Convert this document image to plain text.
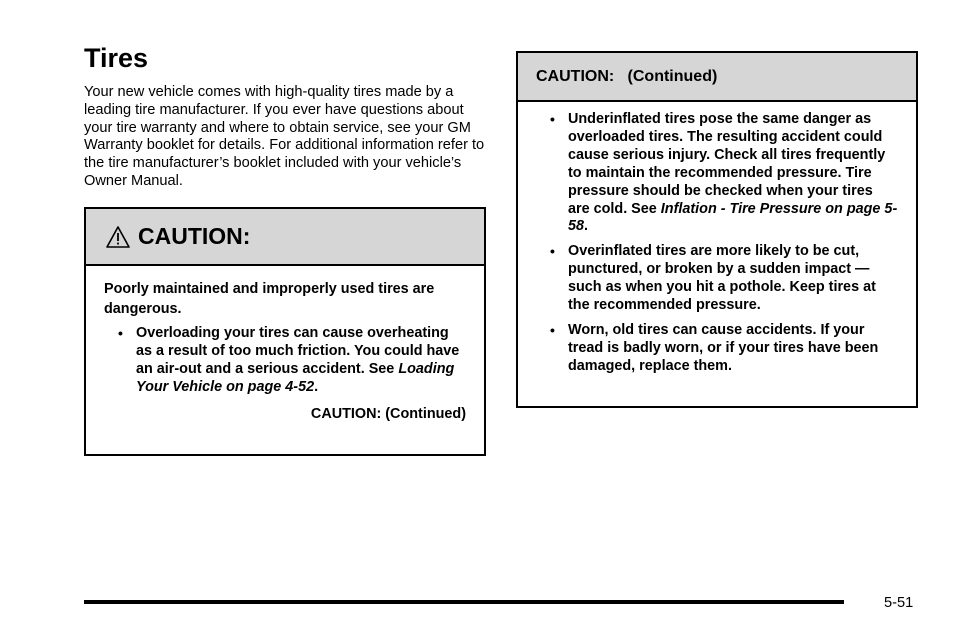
Tires

Your new vehicle comes with high-quality tires made by a leading tire manufacturer. If you ever have questions about your tire warranty and where to obtain service, see your GM Warranty booklet for details. For additional information refer to the tire manufacturer’s booklet included with your vehicle’s Owner Manual.

CAUTION:

Poorly maintained and improperly used tires are dangerous.

• Overloading your tires can cause overheating as a result of too much friction. You could have an air-out and a serious accident. See Loading Your Vehicle on page 4-52.

CAUTION: (Continued)
CAUTION:   (Continued)

• Underinflated tires pose the same danger as overloaded tires. The resulting accident could cause serious injury. Check all tires frequently to maintain the recommended pressure. Tire pressure should be checked when your tires are cold. See Inflation - Tire Pressure on page 5-58.

• Overinflated tires are more likely to be cut, punctured, or broken by a sudden impact — such as when you hit a pothole. Keep tires at the recommended pressure.

• Worn, old tires can cause accidents. If your tread is badly worn, or if your tires have been damaged, replace them.

5-51
